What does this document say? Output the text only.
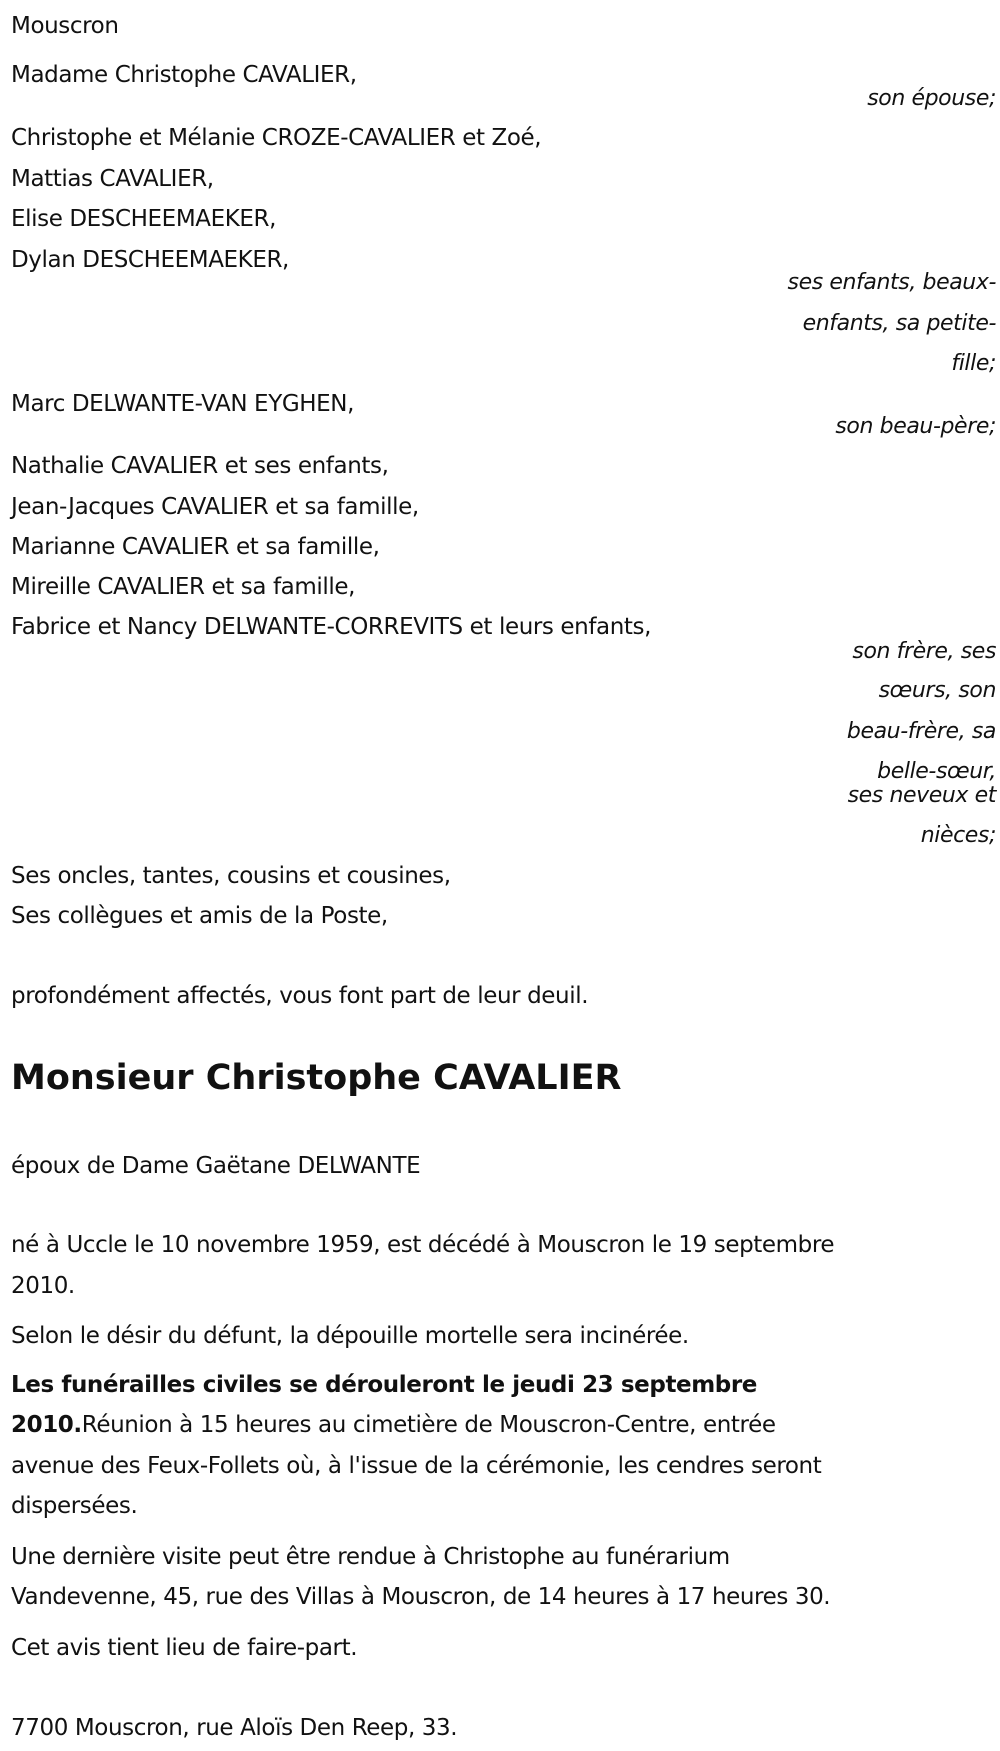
Mouscron
Madame Christophe CAVALIER,
son épouse;
Christophe et Mélanie CROZE-CAVALIER et Zoé,
Mattias CAVALIER,
Elise DESCHEEMAEKER,
Dylan DESCHEEMAEKER,
ses enfants, beaux-
enfants, sa petite-
fille;
Marc DELWANTE-VAN EYGHEN,
son beau-père;
Nathalie CAVALIER et ses enfants,
Jean-Jacques CAVALIER et sa famille,
Marianne CAVALIER et sa famille,
Mireille CAVALIER et sa famille,
Fabrice et Nancy DELWANTE-CORREVITS et leurs enfants,
son frère, ses
sœurs, son
beau-frère, sa
belle-sœur,
ses neveux et
nièces;
Ses oncles, tantes, cousins et cousines,
Ses collègues et amis de la Poste,
profondément affectés, vous font part de leur deuil.
Monsieur Christophe CAVALIER
époux de Dame Gaëtane DELWANTE
né à Uccle le 10 novembre 1959, est décédé à Mouscron le 19 septembre
2010.
Selon le désir du défunt, la dépouille mortelle sera incinérée.
Les funérailles civiles se dérouleront le jeudi 23 septembre
2010.Réunion à 15 heures au cimetière de Mouscron-Centre, entrée
avenue des Feux-Follets où, à l'issue de la cérémonie, les cendres seront
dispersées.
Une dernière visite peut être rendue à Christophe au funérarium
Vandevenne, 45, rue des Villas à Mouscron, de 14 heures à 17 heures 30.
Cet avis tient lieu de faire-part.
7700 Mouscron, rue Aloïs Den Reep, 33.
